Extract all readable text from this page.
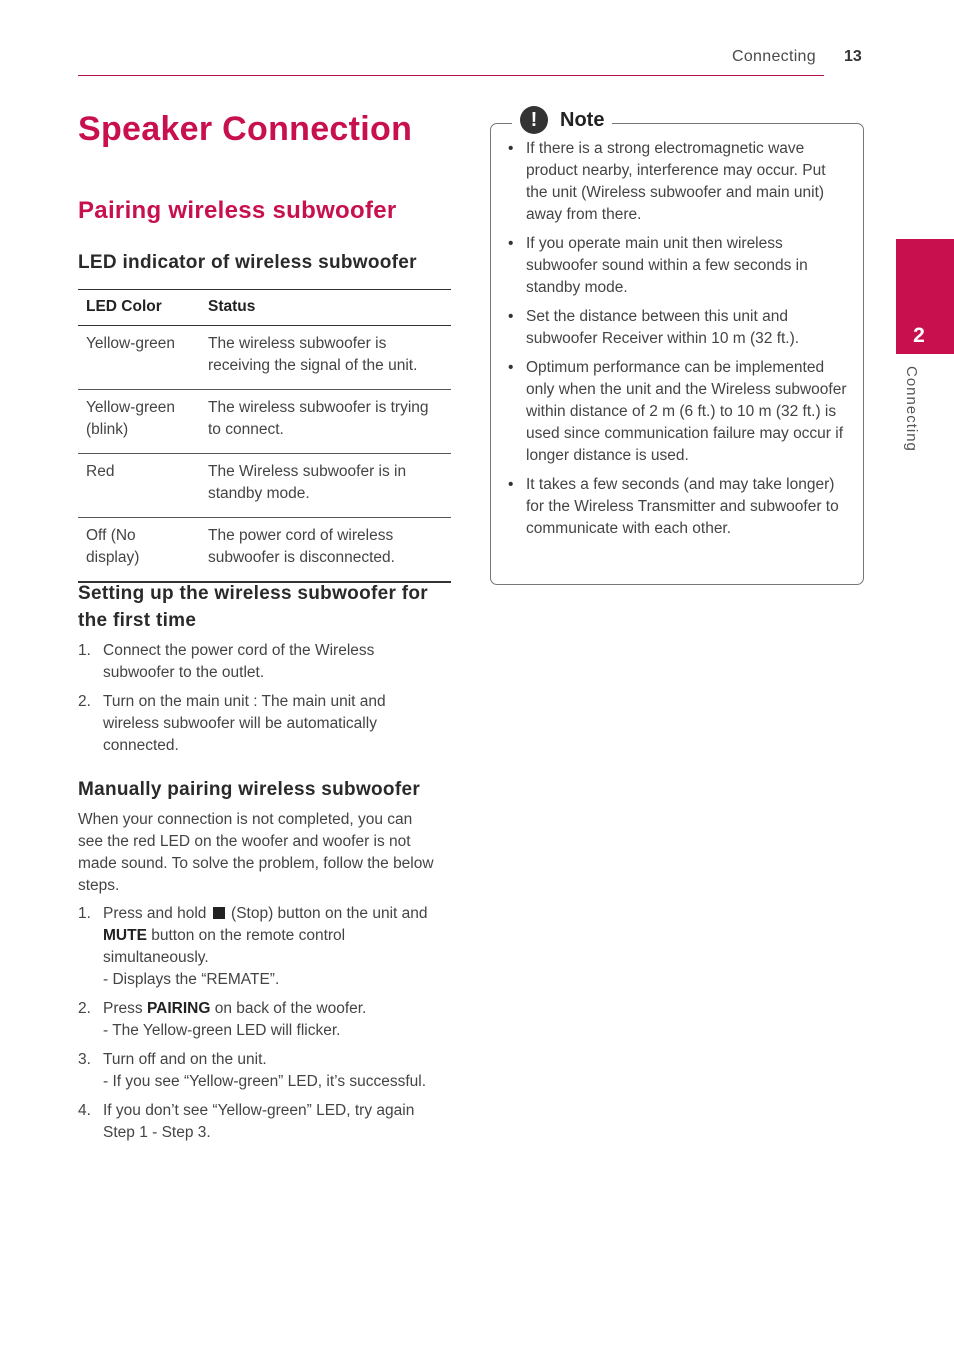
Connecting 13
2
Connecting
Speaker Connection
Pairing wireless subwoofer
LED indicator of wireless subwoofer
LED Color	Status
Yellow-green	The wireless subwoofer is receiving the signal of the unit.
Yellow-green (blink)	The wireless subwoofer is trying to connect.
Red	The Wireless subwoofer is in standby mode.
Off (No display)	The power cord of wireless subwoofer is disconnected.
Setting up the wireless subwoofer for the first time
1. Connect the power cord of the Wireless subwoofer to the outlet.
2. Turn on the main unit : The main unit and wireless subwoofer will be automatically connected.
Manually pairing wireless subwoofer

When your connection is not completed, you can see the red LED on the woofer and woofer is not made sound. To solve the problem, follow the below steps.

1. Press and hold (Stop) button on the unit and MUTE button on the remote control simultaneously.
- Displays the “REMATE”.
2. Press PAIRING on back of the woofer.
- The Yellow-green LED will flicker.
3. Turn off and on the unit.
- If you see “Yellow-green” LED, it’s successful.
4. If you don’t see “Yellow-green” LED, try again Step 1 - Step 3.
!	Note
• If there is a strong electromagnetic wave product nearby, interference may occur. Put the unit (Wireless subwoofer and main unit) away from there.
• If you operate main unit then wireless subwoofer sound within a few seconds in standby mode.
• Set the distance between this unit and subwoofer Receiver within 10 m (32 ft.).
• Optimum performance can be implemented only when the unit and the Wireless subwoofer within distance of 2 m (6 ft.) to 10 m (32 ft.) is used since communication failure may occur if longer distance is used.
• It takes a few seconds (and may take longer) for the Wireless Transmitter and subwoofer to communicate with each other.
